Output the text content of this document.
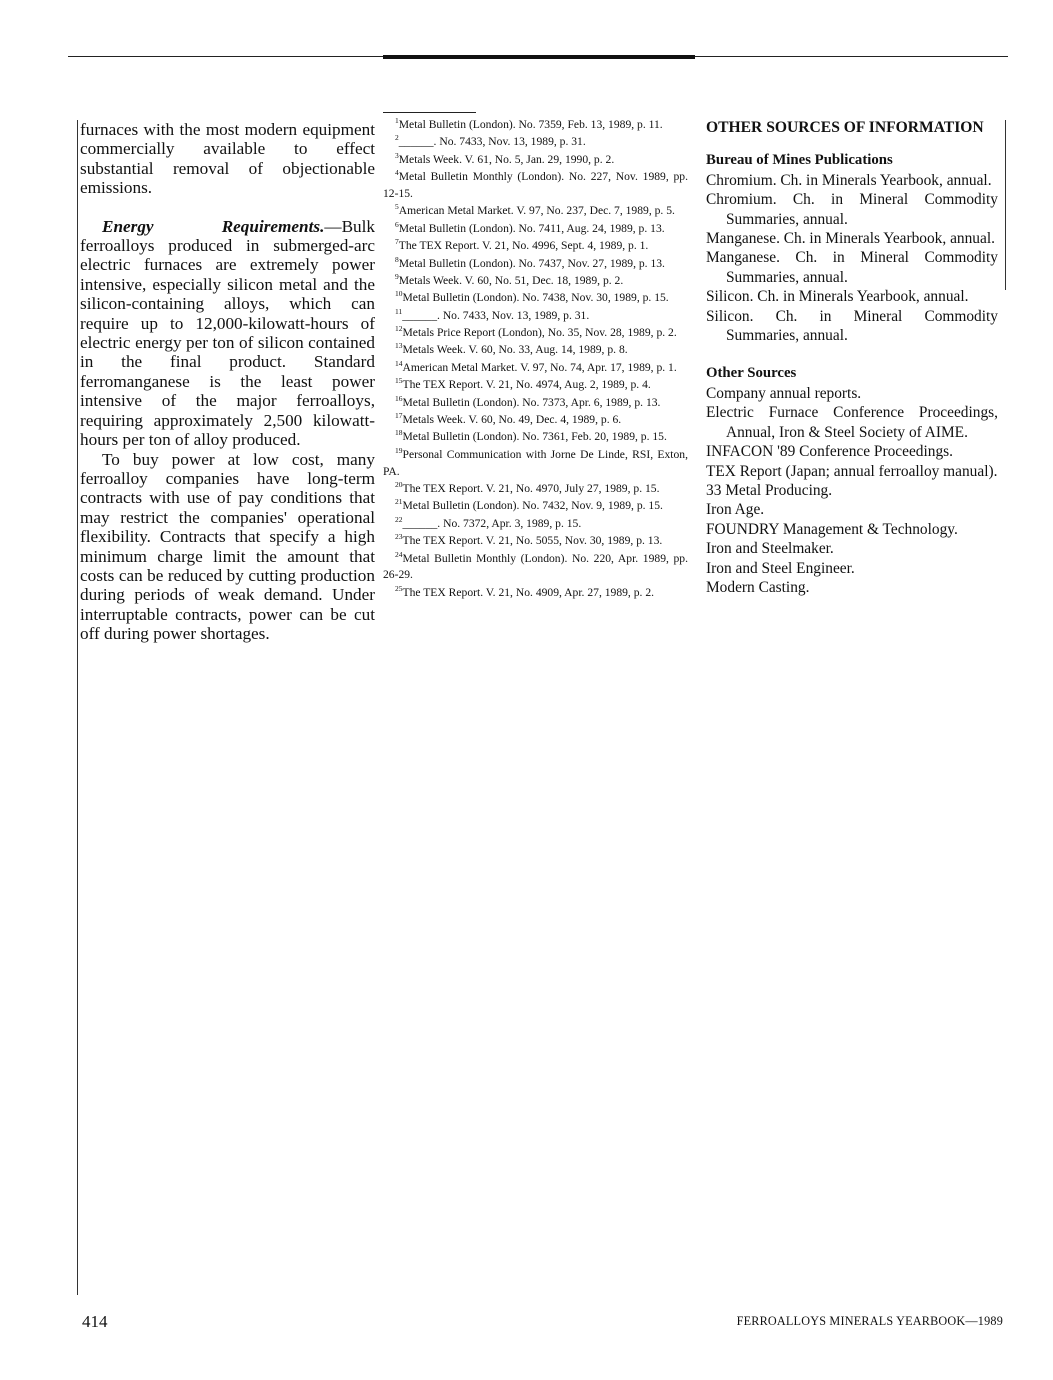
furnaces with the most modern equipment commercially available to effect substantial removal of objectionable emissions.

Energy Requirements.—Bulk ferroalloys produced in submerged-arc electric furnaces are extremely power intensive, especially silicon metal and the silicon-containing alloys, which can require up to 12,000-kilowatt-hours of electric energy per ton of silicon contained in the final product. Standard ferromanganese is the least power intensive of the major ferroalloys, requiring approximately 2,500 kilowatt-hours per ton of alloy produced.

To buy power at low cost, many ferroalloy companies have long-term contracts with use of pay conditions that may restrict the companies' operational flexibility. Contracts that specify a high minimum charge limit the amount that costs can be reduced by cutting production during periods of weak demand. Under interruptable contracts, power can be cut off during power shortages.

$^1$Metal Bulletin (London). No. 7359, Feb. 13, 1989, p. 11.

$^2$______. No. 7433, Nov. 13, 1989, p. 31.

$^3$Metals Week. V. 61, No. 5, Jan. 29, 1990, p. 2.

$^4$Metal Bulletin Monthly (London). No. 227, Nov. 1989, pp. 12-15.

$^5$American Metal Market. V. 97, No. 237, Dec. 7, 1989, p. 5.

$^6$Metal Bulletin (London). No. 7411, Aug. 24, 1989, p. 13.

$^7$The TEX Report. V. 21, No. 4996, Sept. 4, 1989, p. 1.

$^8$Metal Bulletin (London). No. 7437, Nov. 27, 1989, p. 13.

$^9$Metals Week. V. 60, No. 51, Dec. 18, 1989, p. 2.

$^{10}$Metal Bulletin (London). No. 7438, Nov. 30, 1989, p. 15.

$^{11}$______. No. 7433, Nov. 13, 1989, p. 31.

$^{12}$Metals Price Report (London), No. 35, Nov. 28, 1989, p. 2.

$^{13}$Metals Week. V. 60, No. 33, Aug. 14, 1989, p. 8.

$^{14}$American Metal Market. V. 97, No. 74, Apr. 17, 1989, p. 1.

$^{15}$The TEX Report. V. 21, No. 4974, Aug. 2, 1989, p. 4.

$^{16}$Metal Bulletin (London). No. 7373, Apr. 6, 1989, p. 13.

$^{17}$Metals Week. V. 60, No. 49, Dec. 4, 1989, p. 6.

$^{18}$Metal Bulletin (London). No. 7361, Feb. 20, 1989, p. 15.

$^{19}$Personal Communication with Jorne De Linde, RSI, Exton, PA.

$^{20}$The TEX Report. V. 21, No. 4970, July 27, 1989, p. 15.

$^{21}$Metal Bulletin (London). No. 7432, Nov. 9, 1989, p. 15.

$^{22}$______. No. 7372, Apr. 3, 1989, p. 15.

$^{23}$The TEX Report. V. 21, No. 5055, Nov. 30, 1989, p. 13.

$^{24}$Metal Bulletin Monthly (London). No. 220, Apr. 1989, pp. 26-29.

$^{25}$The TEX Report. V. 21, No. 4909, Apr. 27, 1989, p. 2.

OTHER SOURCES OF INFORMATION
Bureau of Mines Publications

Chromium. Ch. in Minerals Yearbook, annual.

Chromium. Ch. in Mineral Commodity Summaries, annual.

Manganese. Ch. in Minerals Yearbook, annual.

Manganese. Ch. in Mineral Commodity Summaries, annual.

Silicon. Ch. in Minerals Yearbook, annual.

Silicon. Ch. in Mineral Commodity Summaries, annual.

Other Sources

Company annual reports.

Electric Furnace Conference Proceedings, Annual, Iron & Steel Society of AIME.

INFACON '89 Conference Proceedings.

TEX Report (Japan; annual ferroalloy manual).

33 Metal Producing.

Iron Age.

FOUNDRY Management & Technology.

Iron and Steelmaker.

Iron and Steel Engineer.

Modern Casting.

414	FERROALLOYS MINERALS YEARBOOK—1989
